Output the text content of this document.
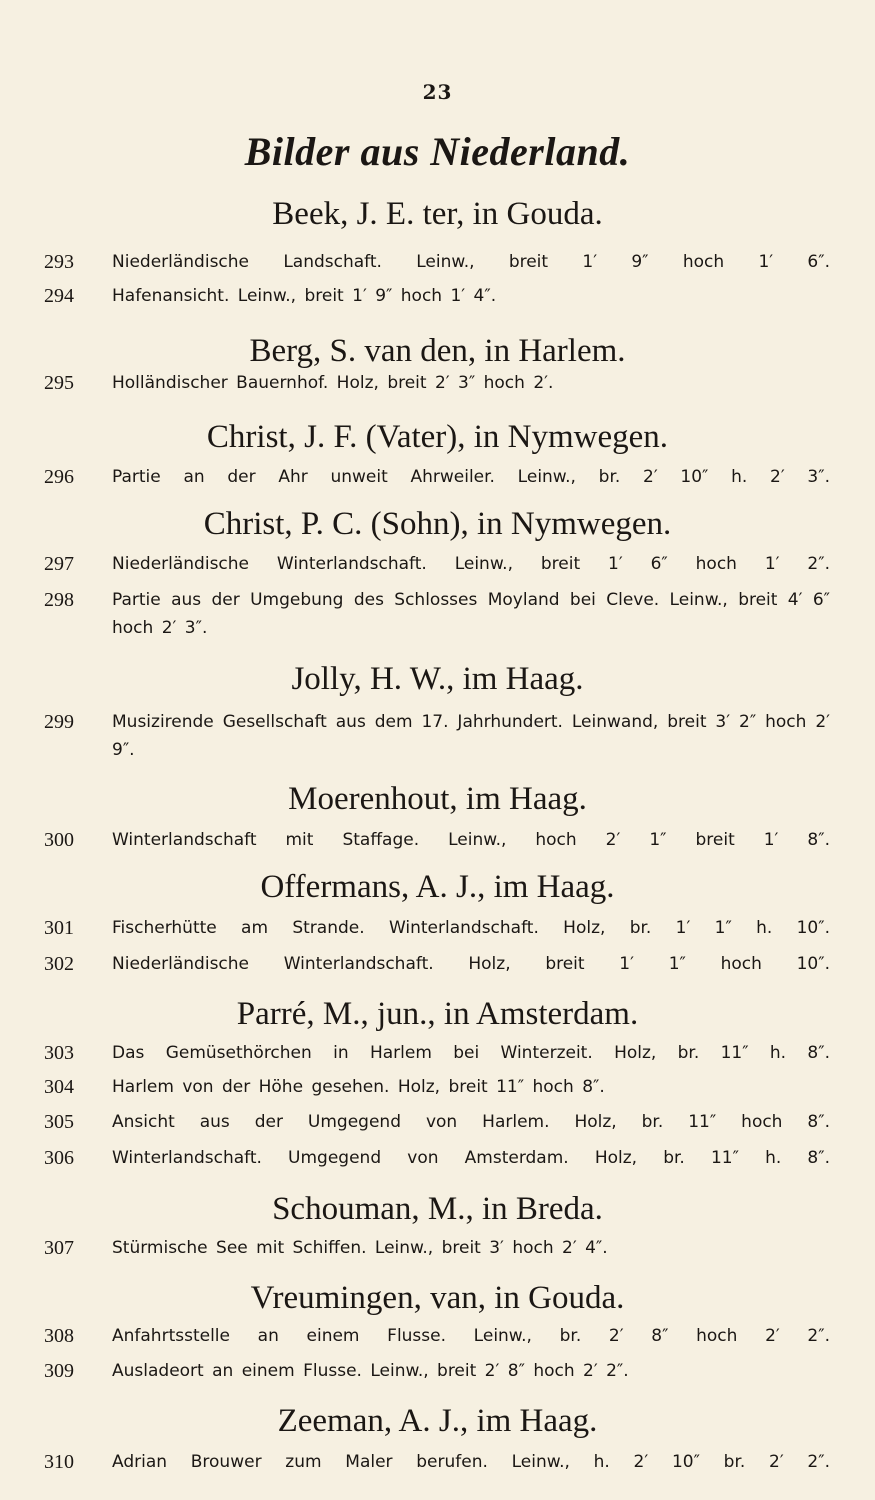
23
Bilder aus Niederland.
Beek, J. E. ter, in Gouda.
293	Niederländische Landschaft. Leinw., breit 1′ 9″ hoch 1′ 6″.
294	Hafenansicht. Leinw., breit 1′ 9″ hoch 1′ 4″.
Berg, S. van den, in Harlem.
295	Holländischer Bauernhof. Holz, breit 2′ 3″ hoch 2′.
Christ, J. F. (Vater), in Nymwegen.
296	Partie an der Ahr unweit Ahrweiler. Leinw., br. 2′ 10″ h. 2′ 3″.
Christ, P. C. (Sohn), in Nymwegen.
297	Niederländische Winterlandschaft. Leinw., breit 1′ 6″ hoch 1′ 2″.
298	Partie aus der Umgebung des Schlosses Moyland bei Cleve. Leinw., breit 4′ 6″ hoch 2′ 3″.
Jolly, H. W., im Haag.
299	Musizirende Gesellschaft aus dem 17. Jahrhundert. Leinwand, breit 3′ 2″ hoch 2′ 9″.
Moerenhout, im Haag.
300	Winterlandschaft mit Staffage. Leinw., hoch 2′ 1″ breit 1′ 8″.
Offermans, A. J., im Haag.
301	Fischerhütte am Strande. Winterlandschaft. Holz, br. 1′ 1″ h. 10″.
302	Niederländische Winterlandschaft. Holz, breit 1′ 1″ hoch 10″.
Parré, M., jun., in Amsterdam.
303	Das Gemüsethörchen in Harlem bei Winterzeit. Holz, br. 11″ h. 8″.
304	Harlem von der Höhe gesehen. Holz, breit 11″ hoch 8″.
305	Ansicht aus der Umgegend von Harlem. Holz, br. 11″ hoch 8″.
306	Winterlandschaft. Umgegend von Amsterdam. Holz, br. 11″ h. 8″.
Schouman, M., in Breda.
307	Stürmische See mit Schiffen. Leinw., breit 3′ hoch 2′ 4″.
Vreumingen, van, in Gouda.
308	Anfahrtsstelle an einem Flusse. Leinw., br. 2′ 8″ hoch 2′ 2″.
309	Ausladeort an einem Flusse. Leinw., breit 2′ 8″ hoch 2′ 2″.
Zeeman, A. J., im Haag.
310	Adrian Brouwer zum Maler berufen. Leinw., h. 2′ 10″ br. 2′ 2″.
